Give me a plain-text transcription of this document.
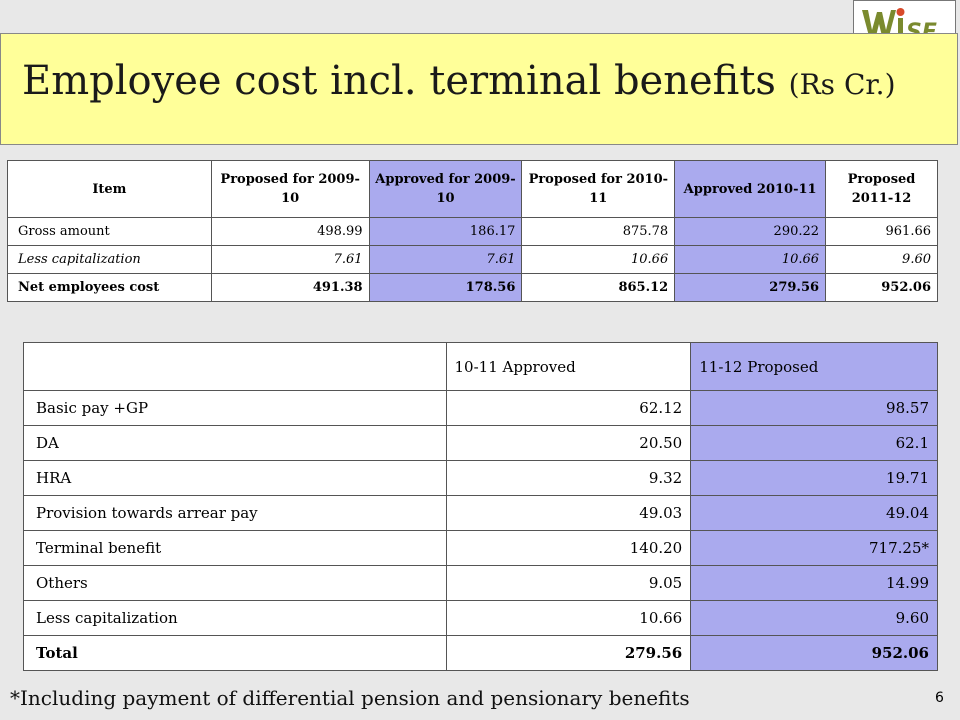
Employee cost incl. terminal benefits (Rs Cr.)
Item	Proposed for 2009-10	Approved for 2009-10	Proposed for 2010-11	Approved 2010-11	Proposed 2011-12
Gross amount	498.99	186.17	875.78	290.22	961.66
Less capitalization	7.61	7.61	10.66	10.66	9.60
Net employees cost	491.38	178.56	865.12	279.56	952.06
	10-11 Approved	11-12 Proposed
Basic pay +GP	62.12	98.57
DA	20.50	62.1
HRA	9.32	19.71
Provision towards arrear pay	49.03	49.04
Terminal benefit	140.20	717.25*
Others	9.05	14.99
Less capitalization	10.66	9.60
Total	279.56	952.06
*Including payment of differential pension and pensionary benefits	6
